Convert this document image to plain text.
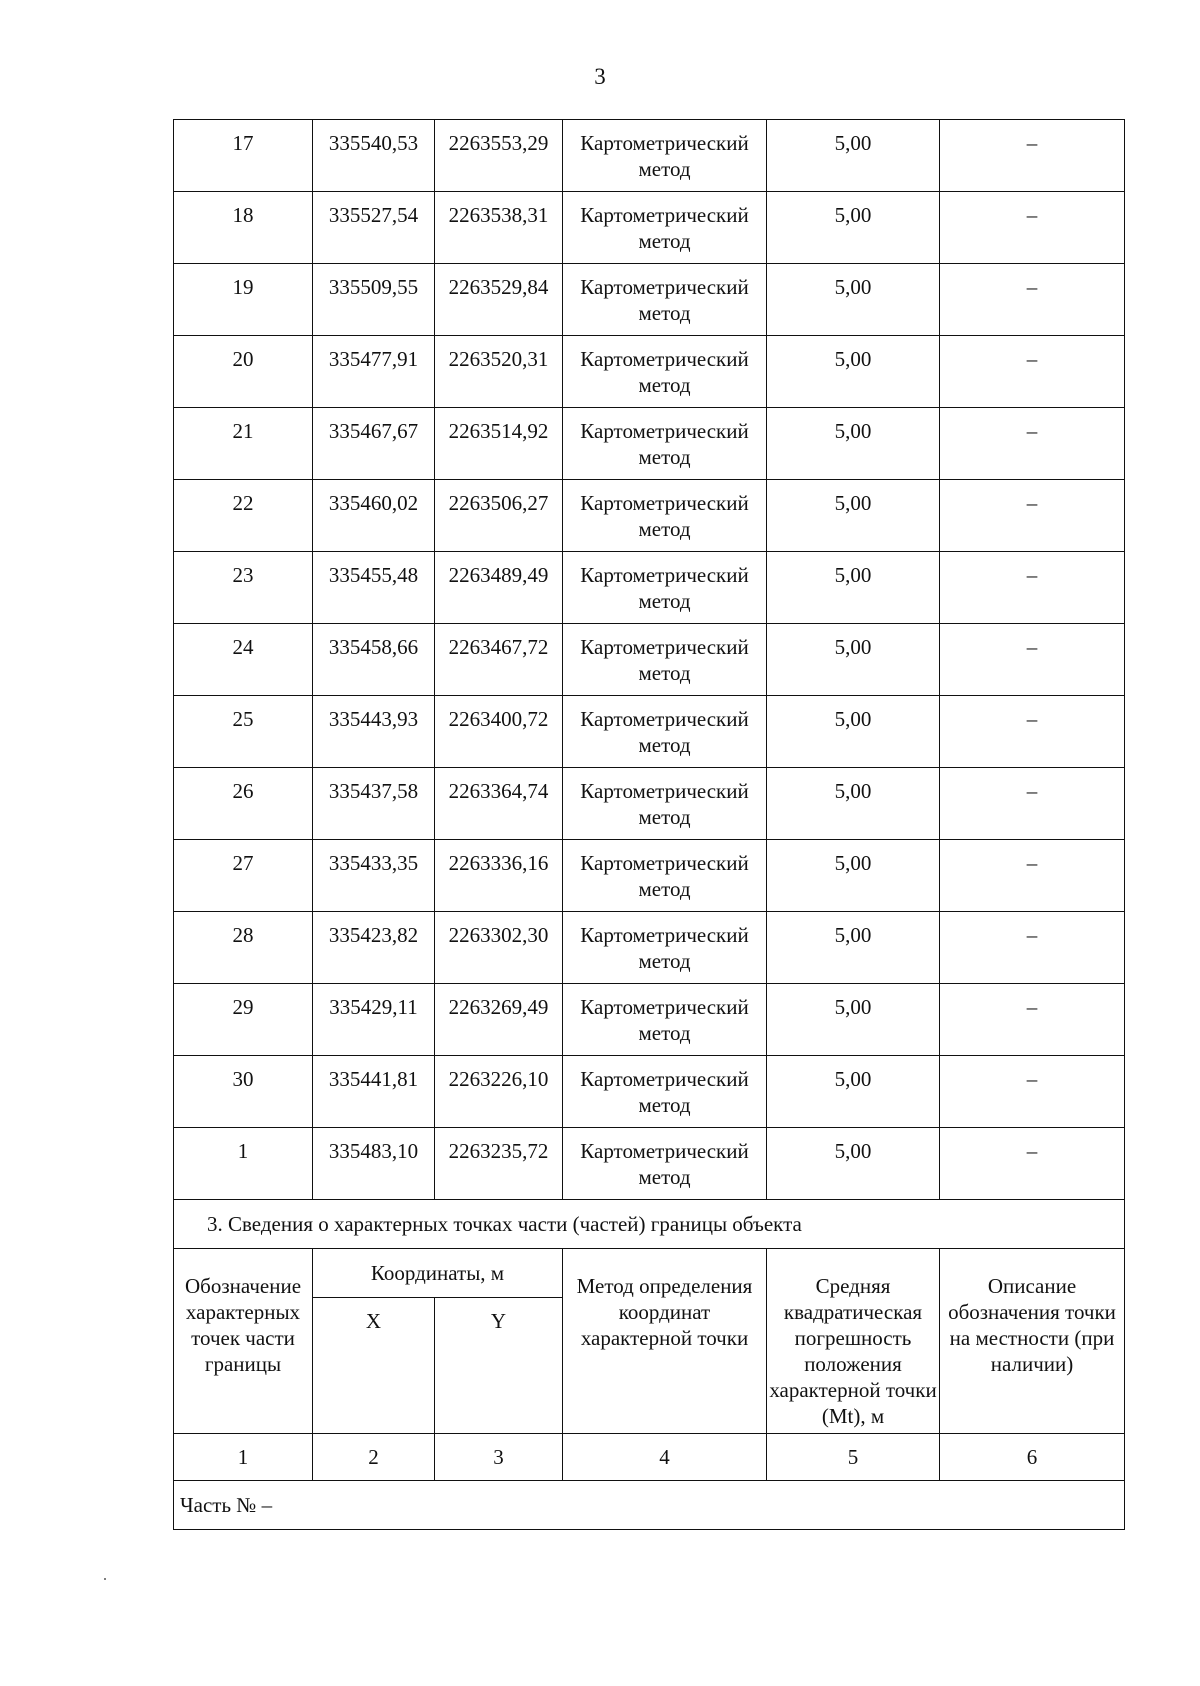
3
17	335540,53	2263553,29	Картометрический метод	5,00	–
18	335527,54	2263538,31	Картометрический метод	5,00	–
19	335509,55	2263529,84	Картометрический метод	5,00	–
20	335477,91	2263520,31	Картометрический метод	5,00	–
21	335467,67	2263514,92	Картометрический метод	5,00	–
22	335460,02	2263506,27	Картометрический метод	5,00	–
23	335455,48	2263489,49	Картометрический метод	5,00	–
24	335458,66	2263467,72	Картометрический метод	5,00	–
25	335443,93	2263400,72	Картометрический метод	5,00	–
26	335437,58	2263364,74	Картометрический метод	5,00	–
27	335433,35	2263336,16	Картометрический метод	5,00	–
28	335423,82	2263302,30	Картометрический метод	5,00	–
29	335429,11	2263269,49	Картометрический метод	5,00	–
30	335441,81	2263226,10	Картометрический метод	5,00	–
1	335483,10	2263235,72	Картометрический метод	5,00	–
3. Сведения о характерных точках части (частей) границы объекта					
Обозначение характерных точек части границы	Координаты, м		Метод определения координат характерной точки	Средняя квадратическая погрешность положения характерной точки (Mt), м	Описание обозначения точки на местности (при наличии)
	X	Y			
1	2	3	4	5	6
Часть № –					
